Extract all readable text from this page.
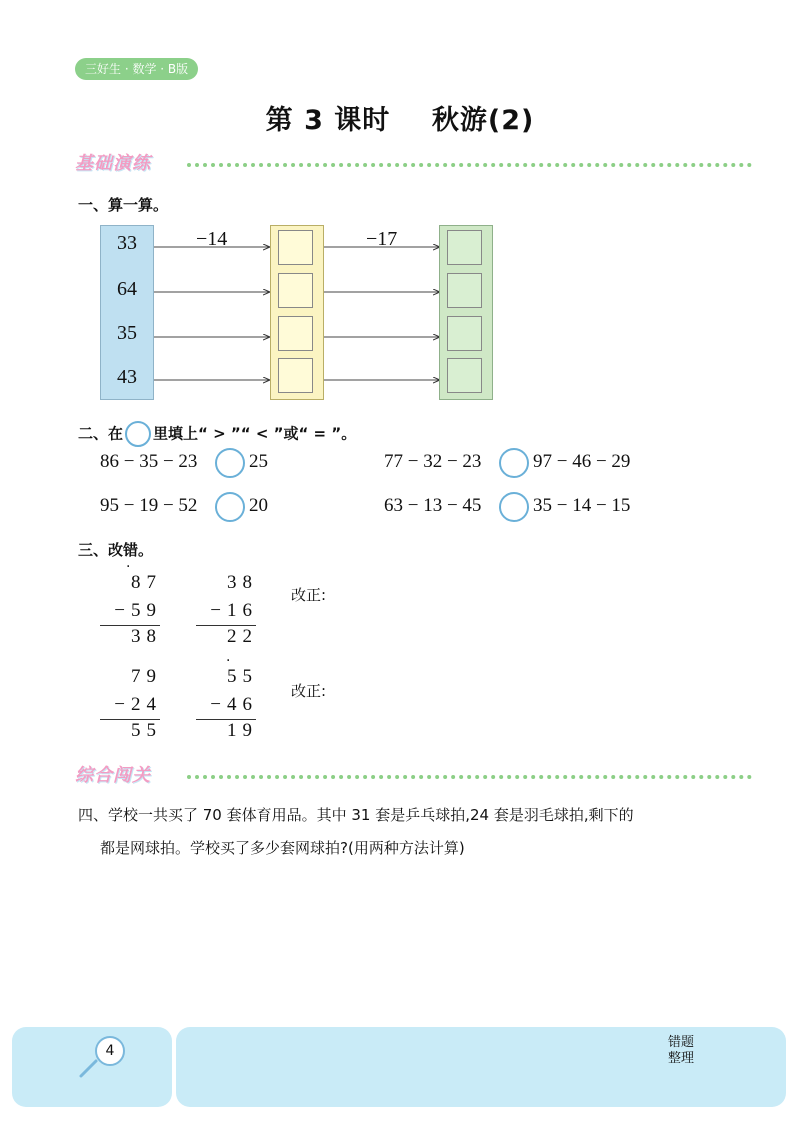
三好生 · 数学 · B版
第 3 课时    秋游(2)
基础演练
一、算一算。
33
64
35
43
−14	−17
二、在 里填上“ > ”“ < ”或“ = ”。
86 − 35 − 23	25	77 − 32 − 23	97 − 46 − 29
95 − 19 − 52	20	63 − 13 − 45	35 − 14 − 15
三、改错。
·
87
−59
38
38
−16
22
改正:
79
−24
55
·
55
−46
19
改正:
综合闯关
四、学校一共买了 70 套体育用品。其中 31 套是乒乓球拍,24 套是羽毛球拍,剩下的
都是网球拍。学校买了多少套网球拍?(用两种方法计算)
4
错题
整理
